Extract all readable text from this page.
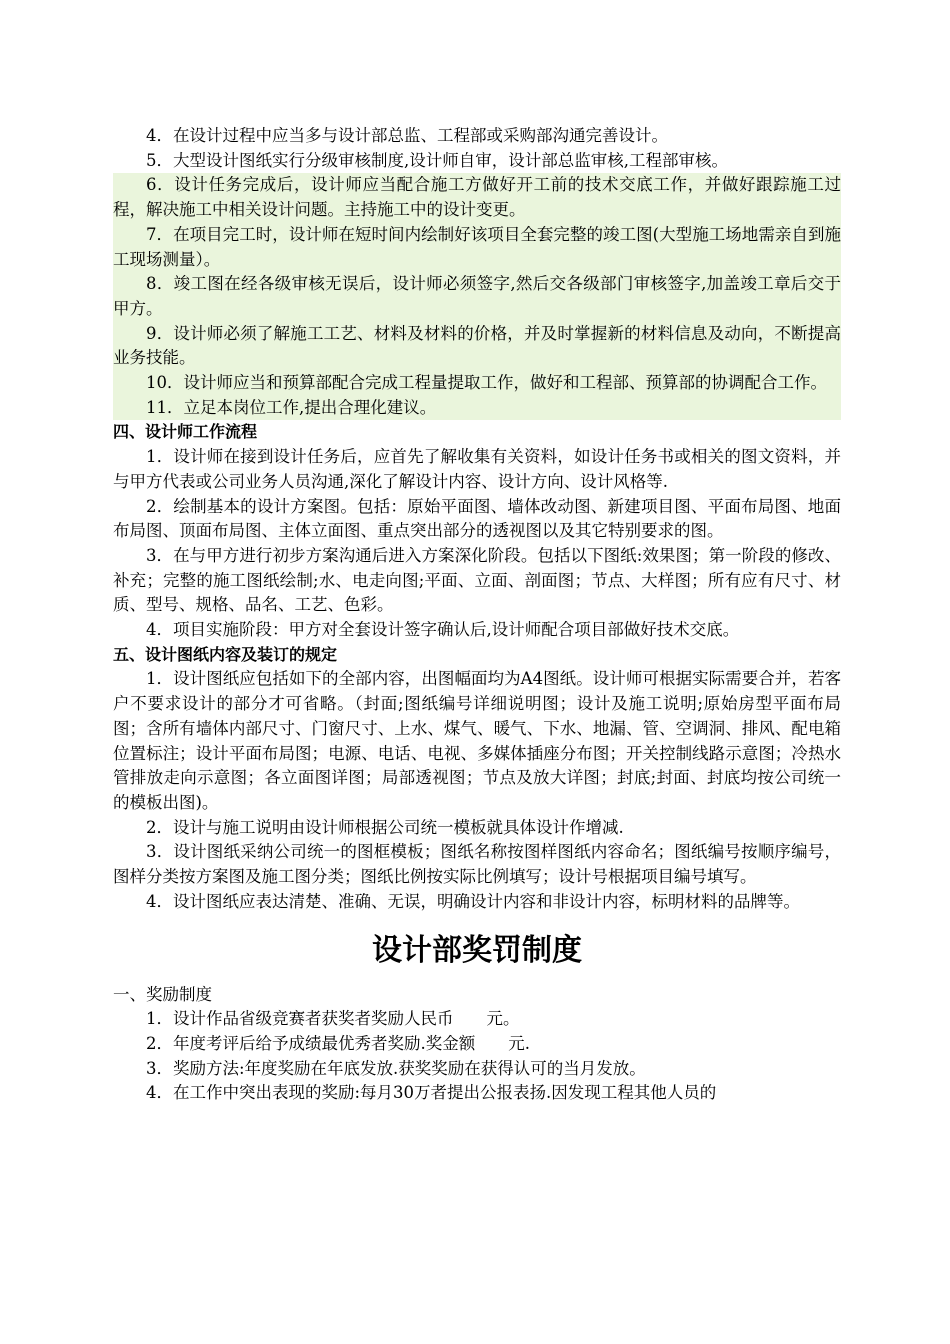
4．在设计过程中应当多与设计部总监、工程部或采购部沟通完善设计。

5．大型设计图纸实行分级审核制度,设计师自审，设计部总监审核,工程部审核。

6．设计任务完成后，设计师应当配合施工方做好开工前的技术交底工作，并做好跟踪施工过程，解决施工中相关设计问题。主持施工中的设计变更。

7．在项目完工时，设计师在短时间内绘制好该项目全套完整的竣工图(大型施工场地需亲自到施工现场测量）。

8．竣工图在经各级审核无误后，设计师必须签字,然后交各级部门审核签字,加盖竣工章后交于甲方。

9．设计师必须了解施工工艺、材料及材料的价格，并及时掌握新的材料信息及动向，不断提高业务技能。

10．设计师应当和预算部配合完成工程量提取工作，做好和工程部、预算部的协调配合工作。

11．立足本岗位工作,提出合理化建议。

四、设计师工作流程

1．设计师在接到设计任务后，应首先了解收集有关资料，如设计任务书或相关的图文资料，并与甲方代表或公司业务人员沟通,深化了解设计内容、设计方向、设计风格等.

2．绘制基本的设计方案图。包括：原始平面图、墙体改动图、新建项目图、平面布局图、地面布局图、顶面布局图、主体立面图、重点突出部分的透视图以及其它特别要求的图。

3．在与甲方进行初步方案沟通后进入方案深化阶段。包括以下图纸:效果图；第一阶段的修改、补充；完整的施工图纸绘制;水、电走向图;平面、立面、剖面图；节点、大样图；所有应有尺寸、材质、型号、规格、品名、工艺、色彩。

4．项目实施阶段：甲方对全套设计签字确认后,设计师配合项目部做好技术交底。

五、设计图纸内容及装订的规定

1．设计图纸应包括如下的全部内容，出图幅面均为A4图纸。设计师可根据实际需要合并，若客户不要求设计的部分才可省略。（封面;图纸编号详细说明图；设计及施工说明;原始房型平面布局图；含所有墙体内部尺寸、门窗尺寸、上水、煤气、暖气、下水、地漏、管、空调洞、排风、配电箱位置标注；设计平面布局图；电源、电话、电视、多媒体插座分布图；开关控制线路示意图；冷热水管排放走向示意图；各立面图详图；局部透视图；节点及放大详图；封底;封面、封底均按公司统一的模板出图)。

2．设计与施工说明由设计师根据公司统一模板就具体设计作增减.

3．设计图纸采纳公司统一的图框模板；图纸名称按图样图纸内容命名；图纸编号按顺序编号，图样分类按方案图及施工图分类；图纸比例按实际比例填写；设计号根据项目编号填写。

4．设计图纸应表达清楚、准确、无误，明确设计内容和非设计内容，标明材料的品牌等。

设计部奖罚制度

一、奖励制度

1．设计作品省级竞赛者获奖者奖励人民币　　元。

2．年度考评后给予成绩最优秀者奖励.奖金额　　元.

3．奖励方法:年度奖励在年底发放.获奖奖励在获得认可的当月发放。

4．在工作中突出表现的奖励:每月30万者提出公报表扬.因发现工程其他人员的
